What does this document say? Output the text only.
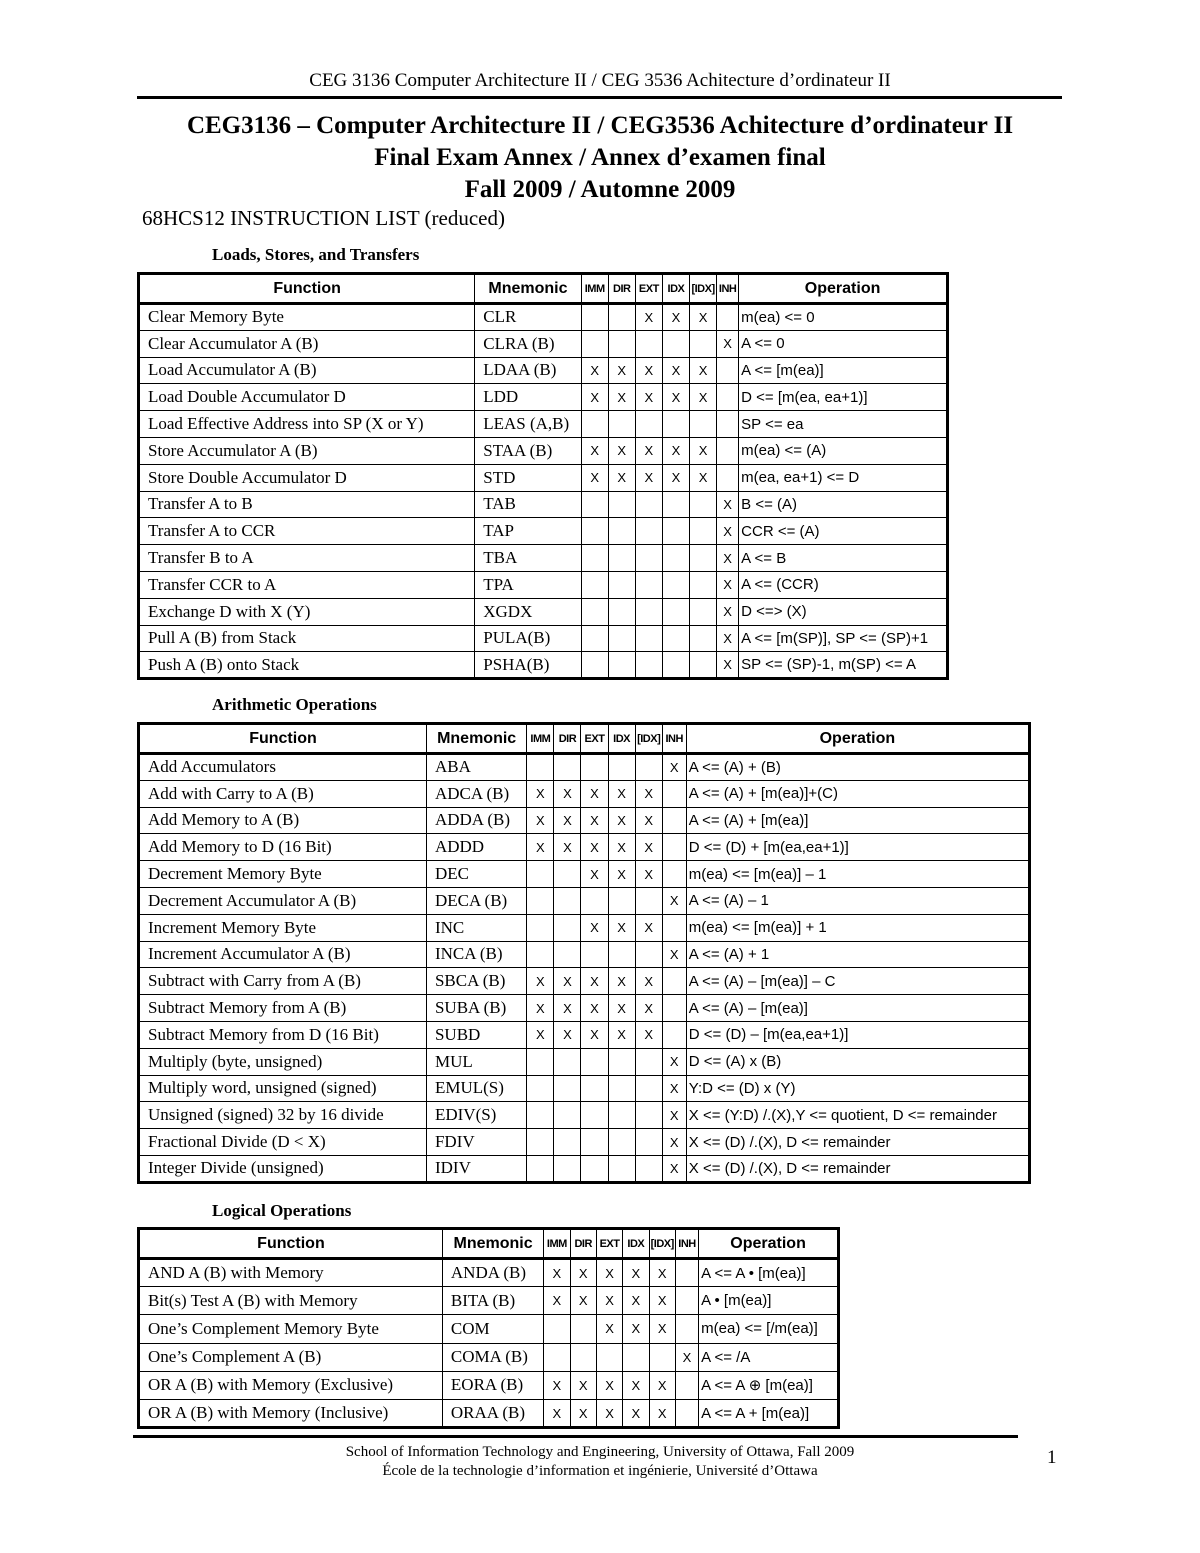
CEG 3136 Computer Architecture II / CEG 3536 Achitecture d’ordinateur II
CEG3136 – Computer Architecture II / CEG3536 Achitecture d’ordinateur II
Final Exam Annex / Annex d’examen final
Fall 2009 / Automne 2009
68HCS12 INSTRUCTION LIST (reduced)
Loads, Stores, and Transfers
Function	Mnemonic	IMM	DIR	EXT	IDX	[IDX]	INH	Operation
Clear Memory Byte	CLR			X	X	X		m(ea) <= 0
Clear Accumulator A (B)	CLRA (B)						X	A <= 0
Load Accumulator A (B)	LDAA (B)	X	X	X	X	X		A <= [m(ea)]
Load Double Accumulator D	LDD	X	X	X	X	X		D <= [m(ea, ea+1)]
Load Effective Address into SP (X or Y)	LEAS (A,B)							SP <= ea
Store Accumulator A (B)	STAA (B)	X	X	X	X	X		m(ea) <= (A)
Store Double Accumulator D	STD	X	X	X	X	X		m(ea, ea+1) <= D
Transfer A to B	TAB						X	B <= (A)
Transfer A to CCR	TAP						X	CCR <= (A)
Transfer B to A	TBA						X	A <= B
Transfer CCR to A	TPA						X	A <= (CCR)
Exchange D with X (Y)	XGDX						X	D <=> (X)
Pull A (B) from Stack	PULA(B)						X	A <= [m(SP)], SP <= (SP)+1
Push A (B) onto Stack	PSHA(B)						X	SP <= (SP)-1, m(SP) <= A
Arithmetic Operations
Function	Mnemonic	IMM	DIR	EXT	IDX	[IDX]	INH	Operation
Add Accumulators	ABA						X	A <= (A) + (B)
Add with Carry to A (B)	ADCA (B)	X	X	X	X	X		A <= (A) + [m(ea)]+(C)
Add Memory to A (B)	ADDA (B)	X	X	X	X	X		A <= (A) + [m(ea)]
Add Memory to D (16 Bit)	ADDD	X	X	X	X	X		D <= (D) + [m(ea,ea+1)]
Decrement Memory Byte	DEC			X	X	X		m(ea) <= [m(ea)] – 1
Decrement Accumulator A (B)	DECA (B)						X	A <= (A) – 1
Increment Memory Byte	INC			X	X	X		m(ea) <= [m(ea)] + 1
Increment Accumulator A (B)	INCA (B)						X	A <= (A) + 1
Subtract with Carry from A (B)	SBCA (B)	X	X	X	X	X		A <= (A) – [m(ea)] – C
Subtract Memory from A (B)	SUBA (B)	X	X	X	X	X		A <= (A) – [m(ea)]
Subtract Memory from D (16 Bit)	SUBD	X	X	X	X	X		D <= (D) – [m(ea,ea+1)]
Multiply (byte, unsigned)	MUL						X	D <= (A) x (B)
Multiply word, unsigned (signed)	EMUL(S)						X	Y:D <= (D) x (Y)
Unsigned (signed) 32 by 16 divide	EDIV(S)						X	X <= (Y:D) /.(X),Y <= quotient, D <= remainder
Fractional Divide (D < X)	FDIV						X	X <= (D) /.(X), D <= remainder
Integer Divide (unsigned)	IDIV						X	X <= (D) /.(X), D <= remainder
Logical Operations
Function	Mnemonic	IMM	DIR	EXT	IDX	[IDX]	INH	Operation
AND A (B) with Memory	ANDA (B)	X	X	X	X	X		A <= A • [m(ea)]
Bit(s) Test A (B) with Memory	BITA (B)	X	X	X	X	X		A • [m(ea)]
One’s Complement Memory Byte	COM			X	X	X		m(ea) <= [/m(ea)]
One’s Complement A (B)	COMA (B)						X	A <= /A
OR A (B) with Memory (Exclusive)	EORA (B)	X	X	X	X	X		A <= A ⊕ [m(ea)]
OR A (B) with Memory (Inclusive)	ORAA (B)	X	X	X	X	X		A <= A + [m(ea)]
School of Information Technology and Engineering, University of Ottawa, Fall 2009
École de la technologie d’information et ingénierie, Université d’Ottawa
1
